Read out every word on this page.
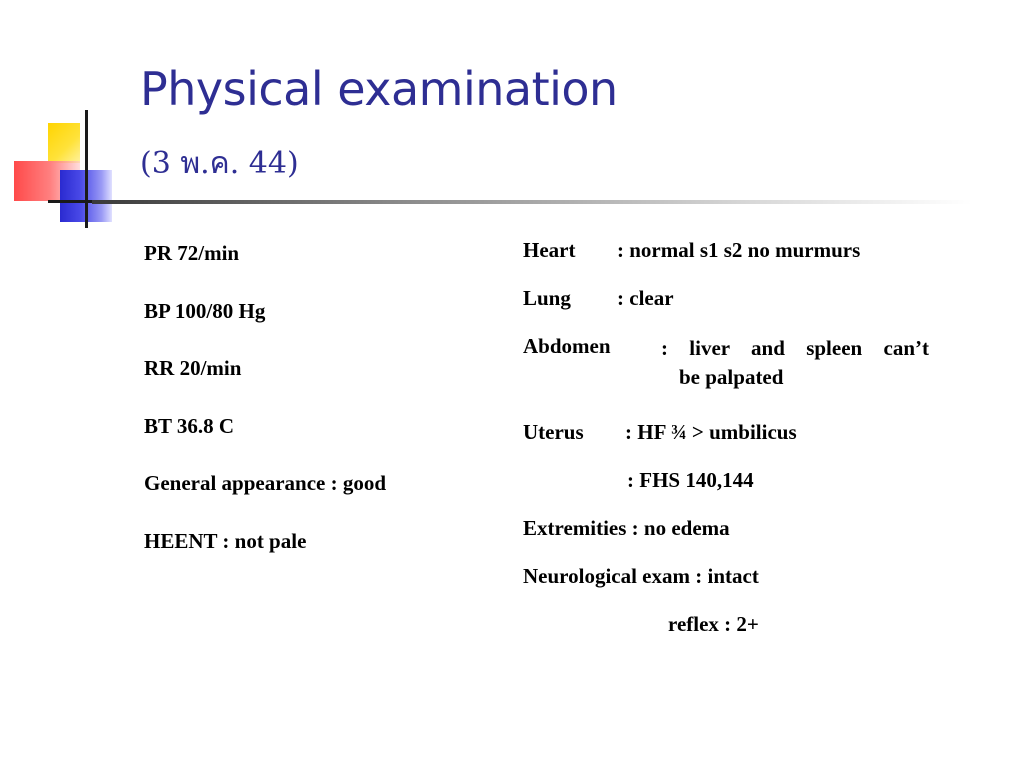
Physical examination
(3 พ.ค. 44)
PR 72/min
BP 100/80 Hg
RR 20/min
BT 36.8 C
General appearance : good
HEENT : not pale
Heart : normal s1 s2 no murmurs
Lung : clear
Abdomen : liver and spleen can’t
be palpated
Uterus : HF ¾ > umbilicus
: FHS 140,144
Extremities : no edema
Neurological exam : intact
reflex : 2+
